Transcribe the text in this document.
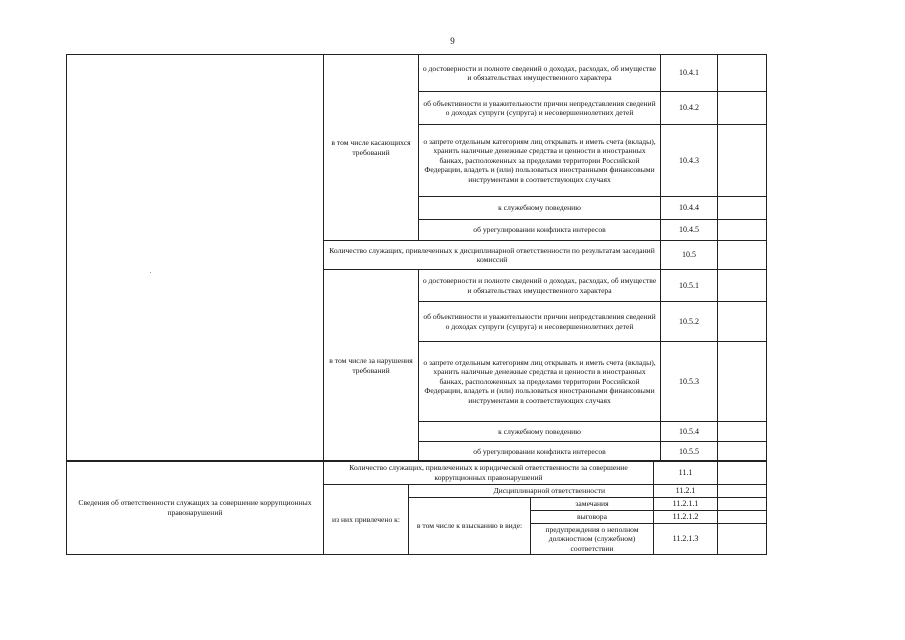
9
	в том числе касающихся требований	о достоверности и полноте сведений о доходах, расходах, об имуществе и обязательствах имущественного характера	10.4.1	
		об объективности и уважительности причин непредставления сведений о доходах супруги (супруга) и несовершеннолетних детей	10.4.2	
		о запрете отдельным категориям лиц открывать и иметь счета (вклады), хранить наличные денежные средства и ценности в иностранных банках, расположенных за пределами территории Российской Федерации, владеть и (или) пользоваться иностранными финансовыми инструментами в соответствующих случаях	10.4.3	
		к служебному поведению	10.4.4	
		об урегулировании конфликта интересов	10.4.5	
	Количество служащих, привлеченных к дисциплинарной ответственности по результатам заседаний комиссий		10.5	
	в том числе за нарушения требований	о достоверности и полноте сведений о доходах, расходах, об имуществе и обязательствах имущественного характера	10.5.1	
		об объективности и уважительности причин непредставления сведений о доходах супруги (супруга) и несовершеннолетних детей	10.5.2	
		о запрете отдельным категориям лиц открывать и иметь счета (вклады), хранить наличные денежные средства и ценности в иностранных банках, расположенных за пределами территории Российской Федерации, владеть и (или) пользоваться иностранными финансовыми инструментами в соответствующих случаях	10.5.3	
		к служебному поведению	10.5.4	
		об урегулировании конфликта интересов	10.5.5	
Сведения об ответственности служащих за совершение коррупционных правонарушений	Количество служащих, привлеченных к юридической ответственности за совершение коррупционных правонарушений			11.1	
	из них привлечено к:	Дисциплинарной ответственности		11.2.1	
		в том числе к взысканию в виде:	замечания	11.2.1.1	
			выговора	11.2.1.2	
			предупреждения о неполном должностном (служебном) соответствии	11.2.1.3	
